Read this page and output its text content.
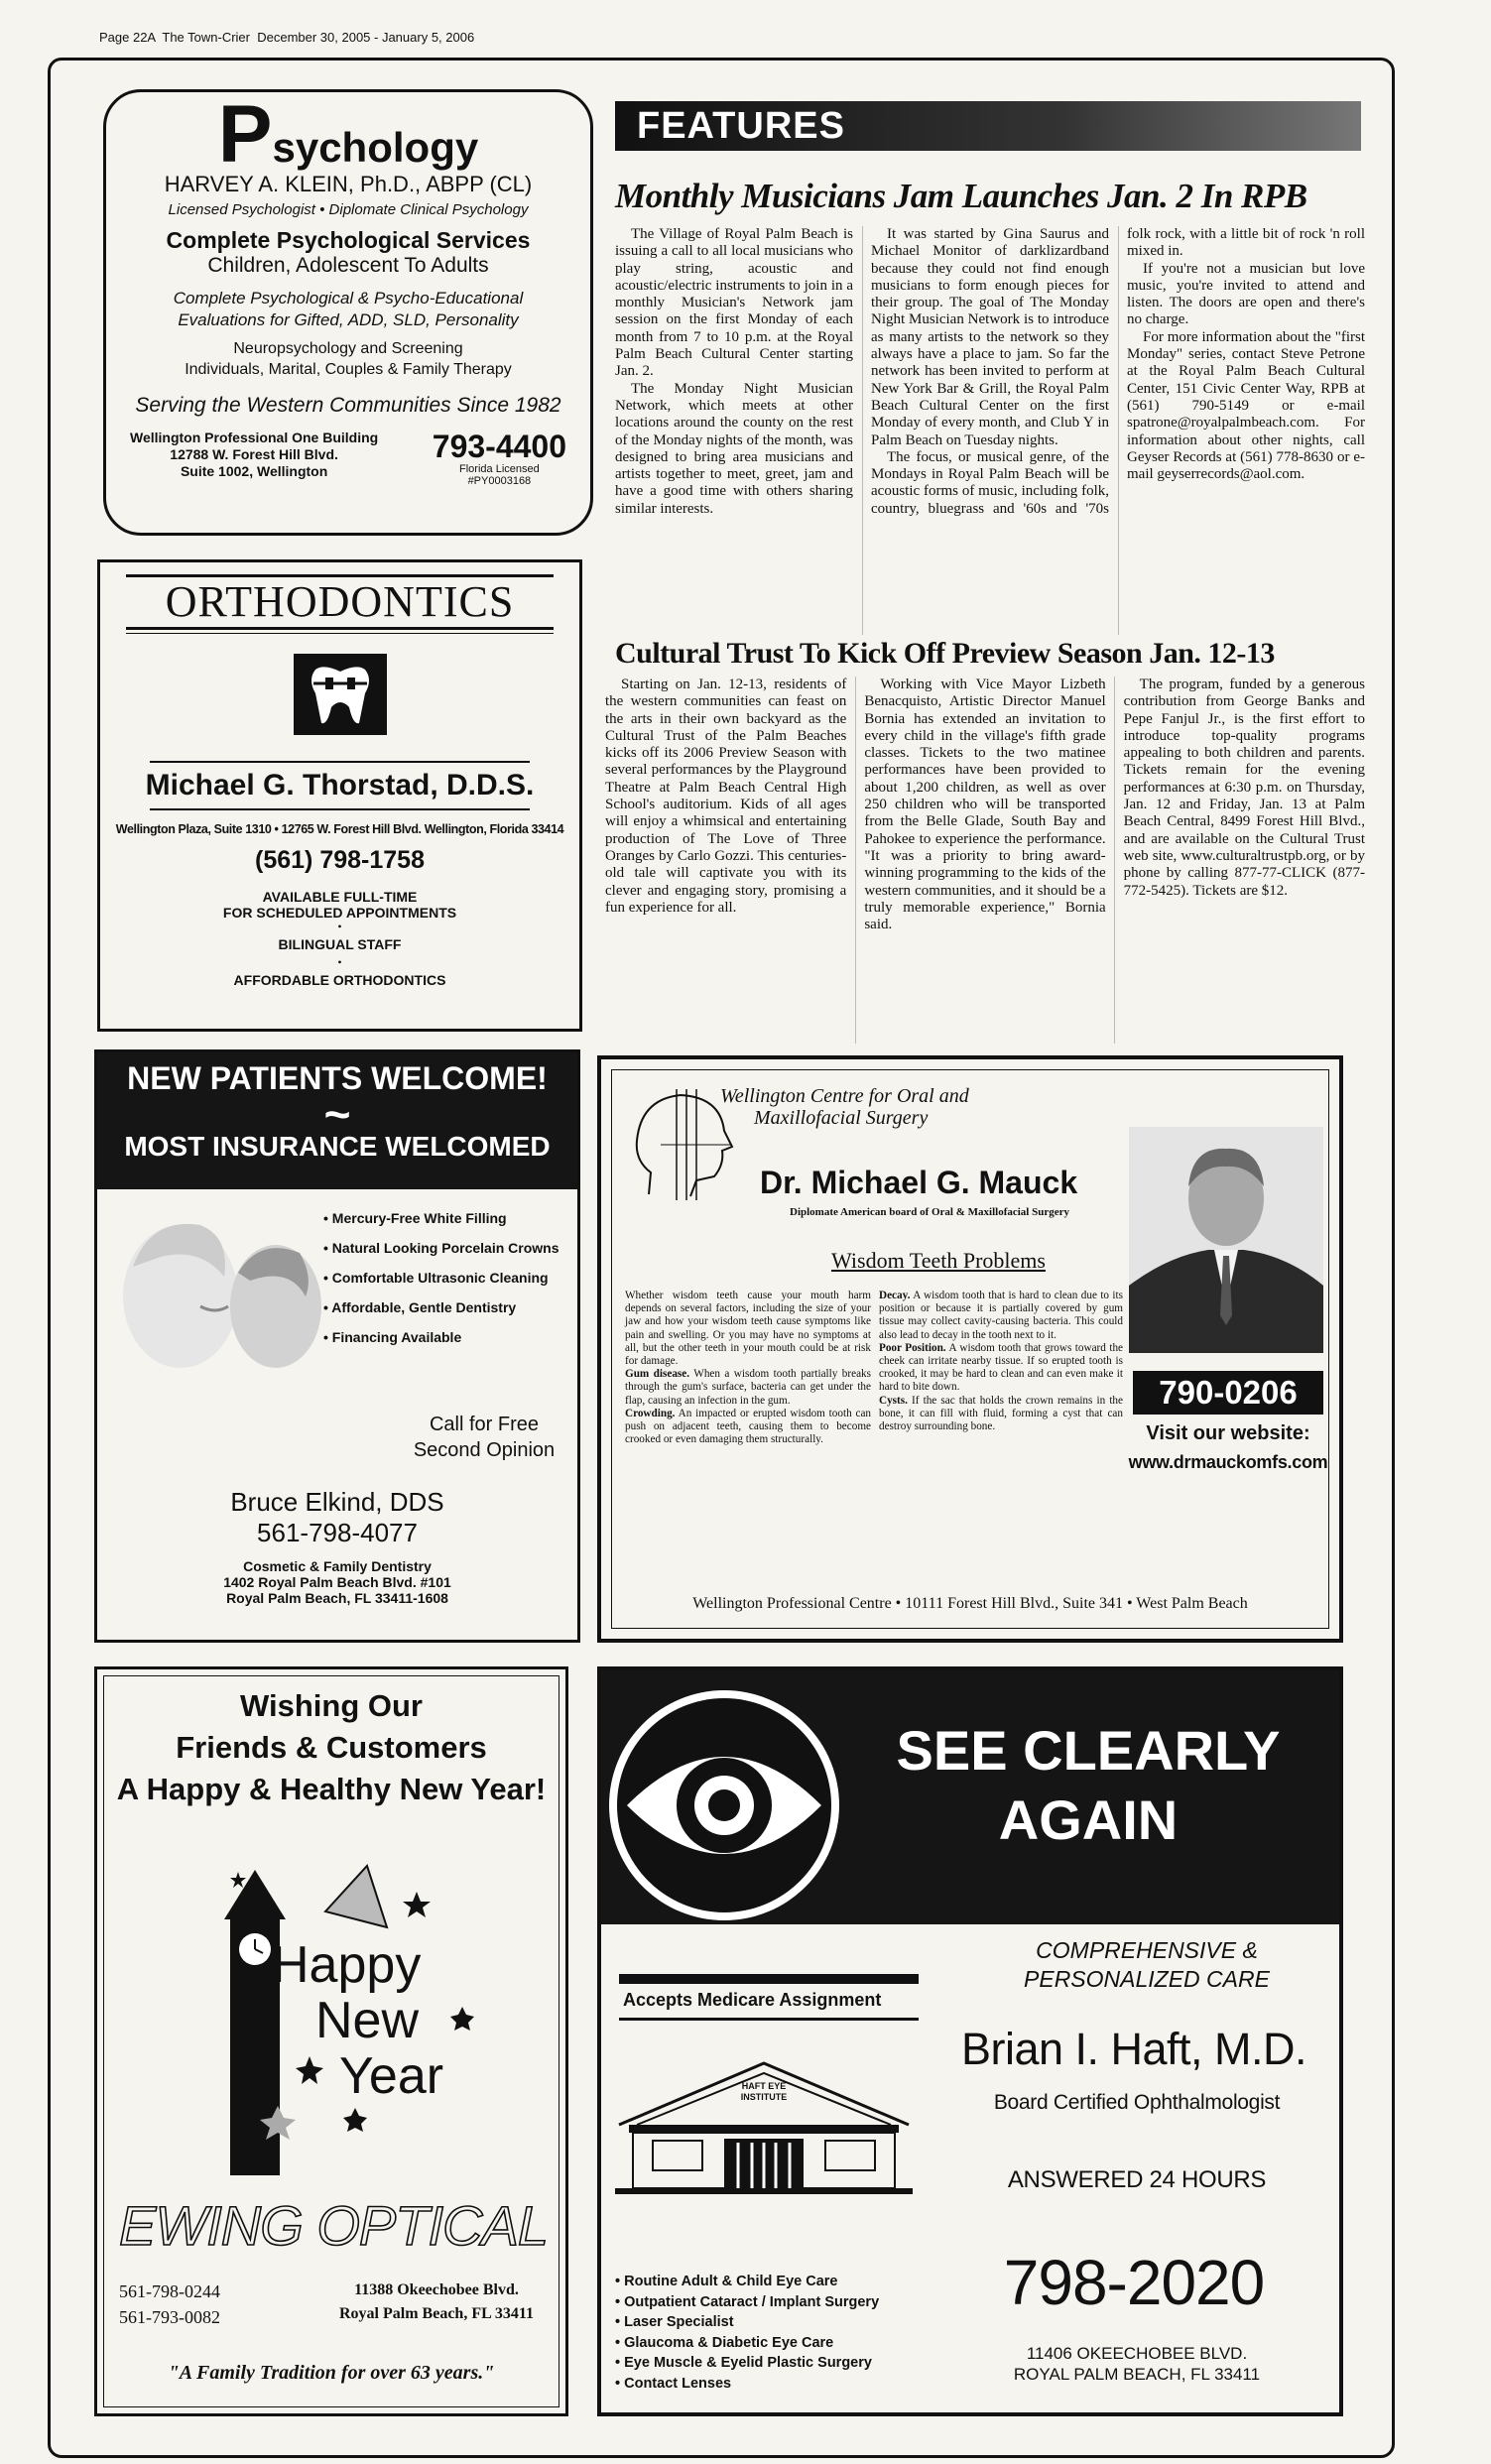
Page 22A  The Town-Crier  December 30, 2005 - January 5, 2006
Psychology
HARVEY A. KLEIN, Ph.D., ABPP (CL)
Licensed Psychologist • Diplomate Clinical Psychology
Complete Psychological Services
Children, Adolescent To Adults
Complete Psychological & Psycho-Educational Evaluations for Gifted, ADD, SLD, Personality
Neuropsychology and Screening
Individuals, Marital, Couples & Family Therapy
Serving the Western Communities Since 1982
Wellington Professional One Building
12788 W. Forest Hill Blvd.
Suite 1002, Wellington
793-4400
Florida Licensed
#PY0003168
ORTHODONTICS
Michael G. Thorstad, D.D.S.
Wellington Plaza, Suite 1310 • 12765 W. Forest Hill Blvd. Wellington, Florida 33414
(561) 798-1758
AVAILABLE FULL-TIME
FOR SCHEDULED APPOINTMENTS
•
BILINGUAL STAFF
•
AFFORDABLE ORTHODONTICS
NEW PATIENTS WELCOME!
~
MOST INSURANCE WELCOMED
• Mercury-Free White Filling
• Natural Looking Porcelain Crowns
• Comfortable Ultrasonic Cleaning
• Affordable, Gentle Dentistry
• Financing Available
Call for Free
Second Opinion
Bruce Elkind, DDS
561-798-4077
Cosmetic & Family Dentistry
1402 Royal Palm Beach Blvd. #101
Royal Palm Beach, FL 33411-1608
FEATURES
Monthly Musicians Jam Launches Jan. 2 In RPB

The Village of Royal Palm Beach is issuing a call to all local musicians who play string, acoustic and acoustic/electric instruments to join in a monthly Musician's Network jam session on the first Monday of each month from 7 to 10 p.m. at the Royal Palm Beach Cultural Center starting Jan. 2.

The Monday Night Musician Network, which meets at other locations around the county on the rest of the Monday nights of the month, was designed to bring area musicians and artists together to meet, greet, jam and have a good time with others sharing similar interests.

It was started by Gina Saurus and Michael Monitor of darklizardband because they could not find enough musicians to form enough pieces for their group. The goal of The Monday Night Musician Network is to introduce as many artists to the network so they always have a place to jam. So far the network has been invited to perform at New York Bar & Grill, the Royal Palm Beach Cultural Center on the first Monday of every month, and Club Y in Palm Beach on Tuesday nights.

The focus, or musical genre, of the Mondays in Royal Palm Beach will be acoustic forms of music, including folk, country, bluegrass and '60s and '70s folk rock, with a little bit of rock 'n roll mixed in.

If you're not a musician but love music, you're invited to attend and listen. The doors are open and there's no charge.

For more information about the "first Monday" series, contact Steve Petrone at the Royal Palm Beach Cultural Center, 151 Civic Center Way, RPB at (561) 790-5149 or e-mail spatrone@royalpalmbeach.com. For information about other nights, call Geyser Records at (561) 778-8630 or e-mail geyserrecords@aol.com.

Cultural Trust To Kick Off Preview Season Jan. 12-13

Starting on Jan. 12-13, residents of the western communities can feast on the arts in their own backyard as the Cultural Trust of the Palm Beaches kicks off its 2006 Preview Season with several performances by the Playground Theatre at Palm Beach Central High School's auditorium. Kids of all ages will enjoy a whimsical and entertaining production of The Love of Three Oranges by Carlo Gozzi. This centuries-old tale will captivate you with its clever and engaging story, promising a fun experience for all.

Working with Vice Mayor Lizbeth Benacquisto, Artistic Director Manuel Bornia has extended an invitation to every child in the village's fifth grade classes. Tickets to the two matinee performances have been provided to about 1,200 children, as well as over 250 children who will be transported from the Belle Glade, South Bay and Pahokee to experience the performance. "It was a priority to bring award-winning programming to the kids of the western communities, and it should be a truly memorable experience," Bornia said.

The program, funded by a generous contribution from George Banks and Pepe Fanjul Jr., is the first effort to introduce top-quality programs appealing to both children and parents. Tickets remain for the evening performances at 6:30 p.m. on Thursday, Jan. 12 and Friday, Jan. 13 at Palm Beach Central, 8499 Forest Hill Blvd., and are available on the Cultural Trust web site, www.culturaltrustpb.org, or by phone by calling 877-77-CLICK (877-772-5425). Tickets are $12.

Wellington Centre for Oral and
Maxillofacial Surgery
Dr. Michael G. Mauck
Diplomate American board of Oral & Maxillofacial Surgery
Wisdom Teeth Problems
Whether wisdom teeth cause your mouth harm depends on several factors, including the size of your jaw and how your wisdom teeth cause symptoms like pain and swelling. Or you may have no symptoms at all, but the other teeth in your mouth could be at risk for damage.
Gum disease. When a wisdom tooth partially breaks through the gum's surface, bacteria can get under the flap, causing an infection in the gum.
Crowding. An impacted or erupted wisdom tooth can push on adjacent teeth, causing them to become crooked or even damaging them structurally.
Decay. A wisdom tooth that is hard to clean due to its position or because it is partially covered by gum tissue may collect cavity-causing bacteria. This could also lead to decay in the tooth next to it.
Poor Position. A wisdom tooth that grows toward the cheek can irritate nearby tissue. If so erupted tooth is crooked, it may be hard to clean and can even make it hard to bite down.
Cysts. If the sac that holds the crown remains in the bone, it can fill with fluid, forming a cyst that can destroy surrounding bone.
790-0206
Visit our website:
www.drmauckomfs.com
Wellington Professional Centre • 10111 Forest Hill Blvd., Suite 341 • West Palm Beach
Wishing Our
Friends & Customers
A Happy & Healthy New Year!
Happy
New
Year
EWING OPTICAL
561-798-0244
561-793-0082
11388 Okeechobee Blvd.
Royal Palm Beach, FL 33411
"A Family Tradition for over 63 years."
SEE CLEARLY
AGAIN
Accepts Medicare Assignment
HAFT EYE
INSTITUTE
• Routine Adult & Child Eye Care
• Outpatient Cataract / Implant Surgery
• Laser Specialist
• Glaucoma & Diabetic Eye Care
• Eye Muscle & Eyelid Plastic Surgery
• Contact Lenses
COMPREHENSIVE &
PERSONALIZED CARE
Brian I. Haft, M.D.
Board Certified Ophthalmologist
ANSWERED 24 HOURS
798-2020
11406 OKEECHOBEE BLVD.
ROYAL PALM BEACH, FL 33411
